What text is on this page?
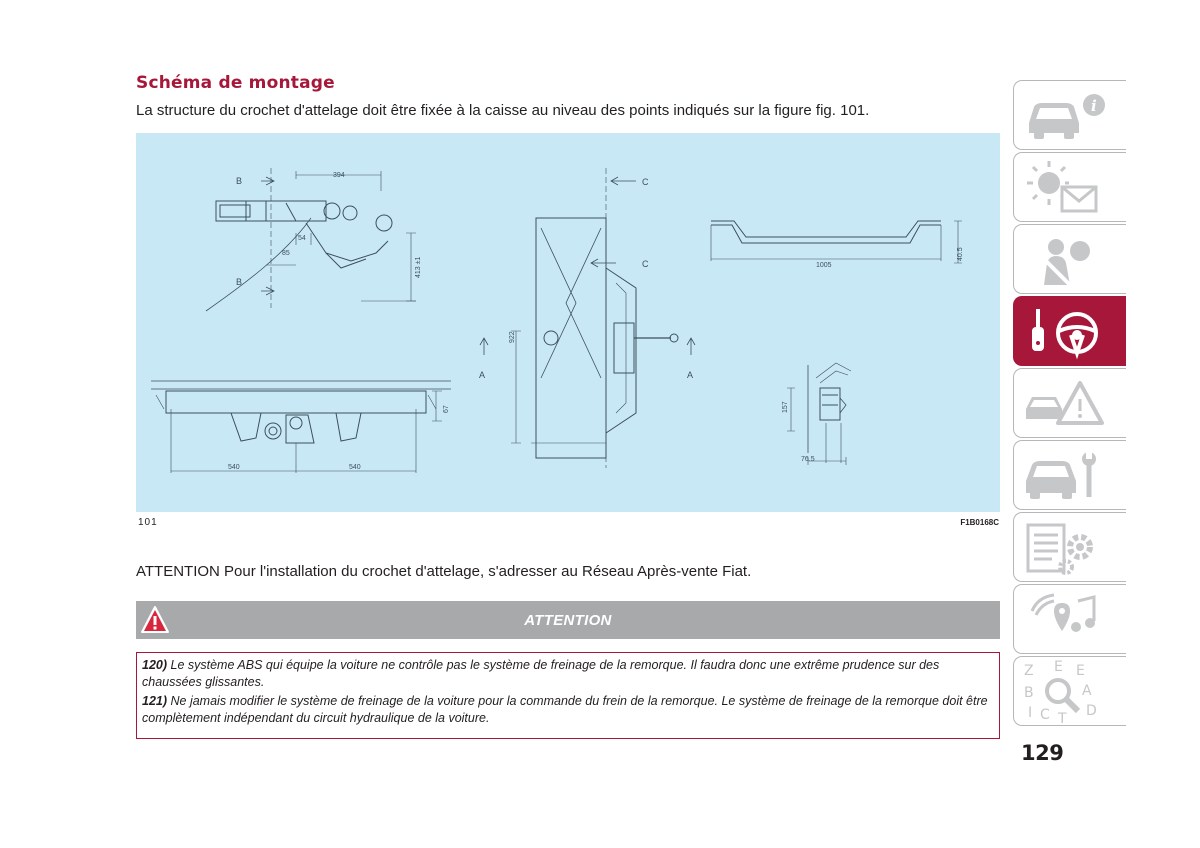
Schéma de montage
La structure du crochet d'attelage doit être fixée à la caisse au niveau des points indiqués sur la figure fig. 101.
B
B
394
54
85
413 ±1
540	540
67
C
C
A	A
922
1005
40.5
157
76.5
101	F1B0168C
ATTENTION Pour l'installation du crochet d'attelage, s'adresser au Réseau Après-vente Fiat.
ATTENTION

120) Le système ABS qui équipe la voiture ne contrôle pas le système de freinage de la remorque. Il faudra donc une extrême prudence sur des chaussées glissantes.

121) Ne jamais modifier le système de freinage de la voiture pour la commande du frein de la remorque. Le système de freinage de la remorque doit être complètement indépendant du circuit hydraulique de la voiture.

i
Z E E
B	A
I C T D
129
